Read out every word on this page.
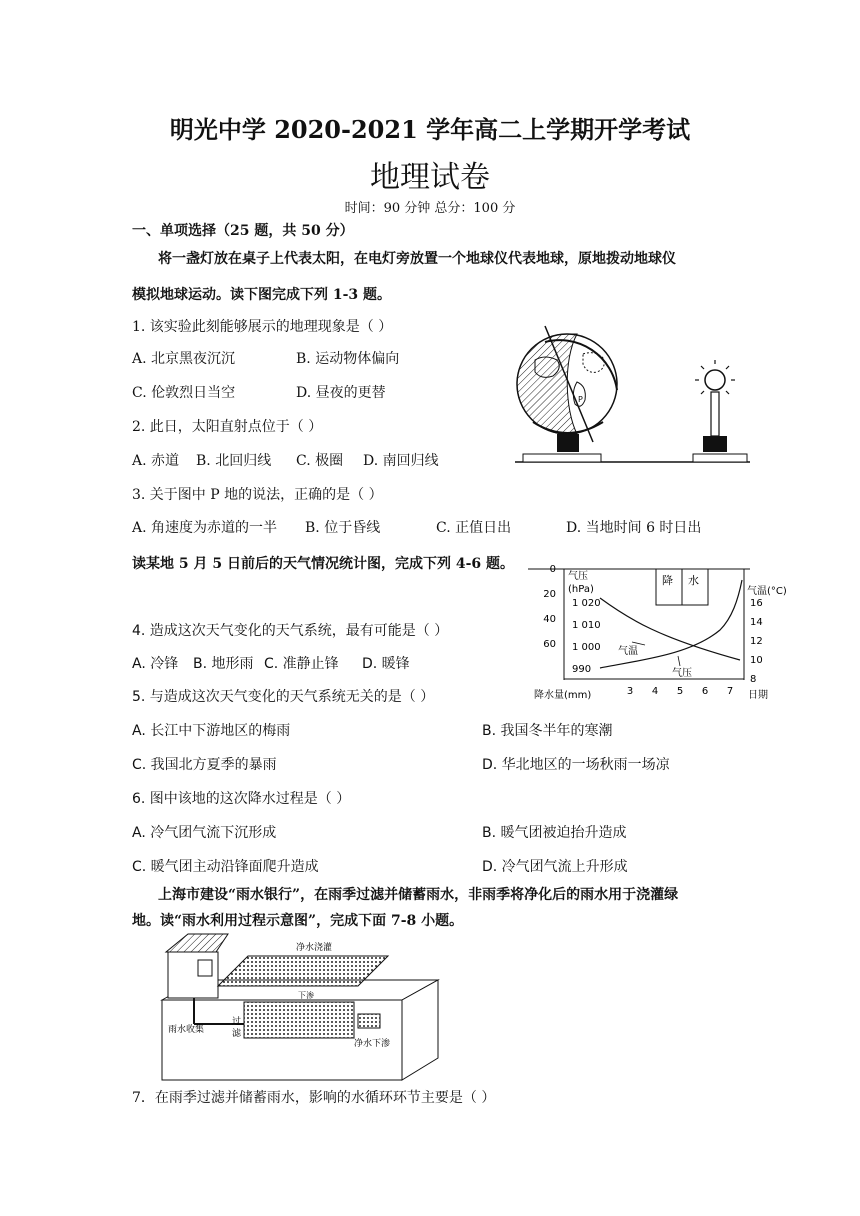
明光中学 2020-2021 学年高二上学期开学考试
地理试卷
时间：90 分钟 总分：100 分
一、单项选择（25 题，共 50 分）
将一盏灯放在桌子上代表太阳，在电灯旁放置一个地球仪代表地球，原地拨动地球仪
模拟地球运动。读下图完成下列 1-3 题。
1. 该实验此刻能够展示的地理现象是（ ）
A. 北京黑夜沉沉	B. 运动物体偏向
C. 伦敦烈日当空	D. 昼夜的更替
2. 此日，太阳直射点位于（ ）
A. 赤道 B. 北回归线 C. 极圈 D. 南回归线
3. 关于图中 P 地的说法，正确的是（ ）
A. 角速度为赤道的一半 B. 位于昏线	C. 正值日出	D. 当地时间 6 时日出
读某地 5 月 5 日前后的天气情况统计图，完成下列 4-6 题。
4. 造成这次天气变化的天气系统，最有可能是（ ）
A. 冷锋 B. 地形雨 C. 准静止锋 D. 暖锋
5. 与造成这次天气变化的天气系统无关的是（ ）
A. 长江中下游地区的梅雨	B. 我国冬半年的寒潮
C. 我国北方夏季的暴雨	D. 华北地区的一场秋雨一场凉
6. 图中该地的这次降水过程是（ ）
A. 冷气团气流下沉形成	B. 暖气团被迫抬升造成
C. 暖气团主动沿锋面爬升造成	D. 冷气团气流上升形成
上海市建设“雨水银行”，在雨季过滤并储蓄雨水，非雨季将净化后的雨水用于浇灌绿
地。读“雨水利用过程示意图”，完成下面 7-8 小题。
7．在雨季过滤并储蓄雨水，影响的水循环环节主要是（ ）
P
0
20
40
60
1 020
1 010
1 000
990
16
14
12
10
8
3 4 5 6 7
气压
(hPa)	气温(°C)
降水量(mm)	日期
降 水
气温
气压
净水浇灌
雨水收集
过
滤
下渗
净水下渗
